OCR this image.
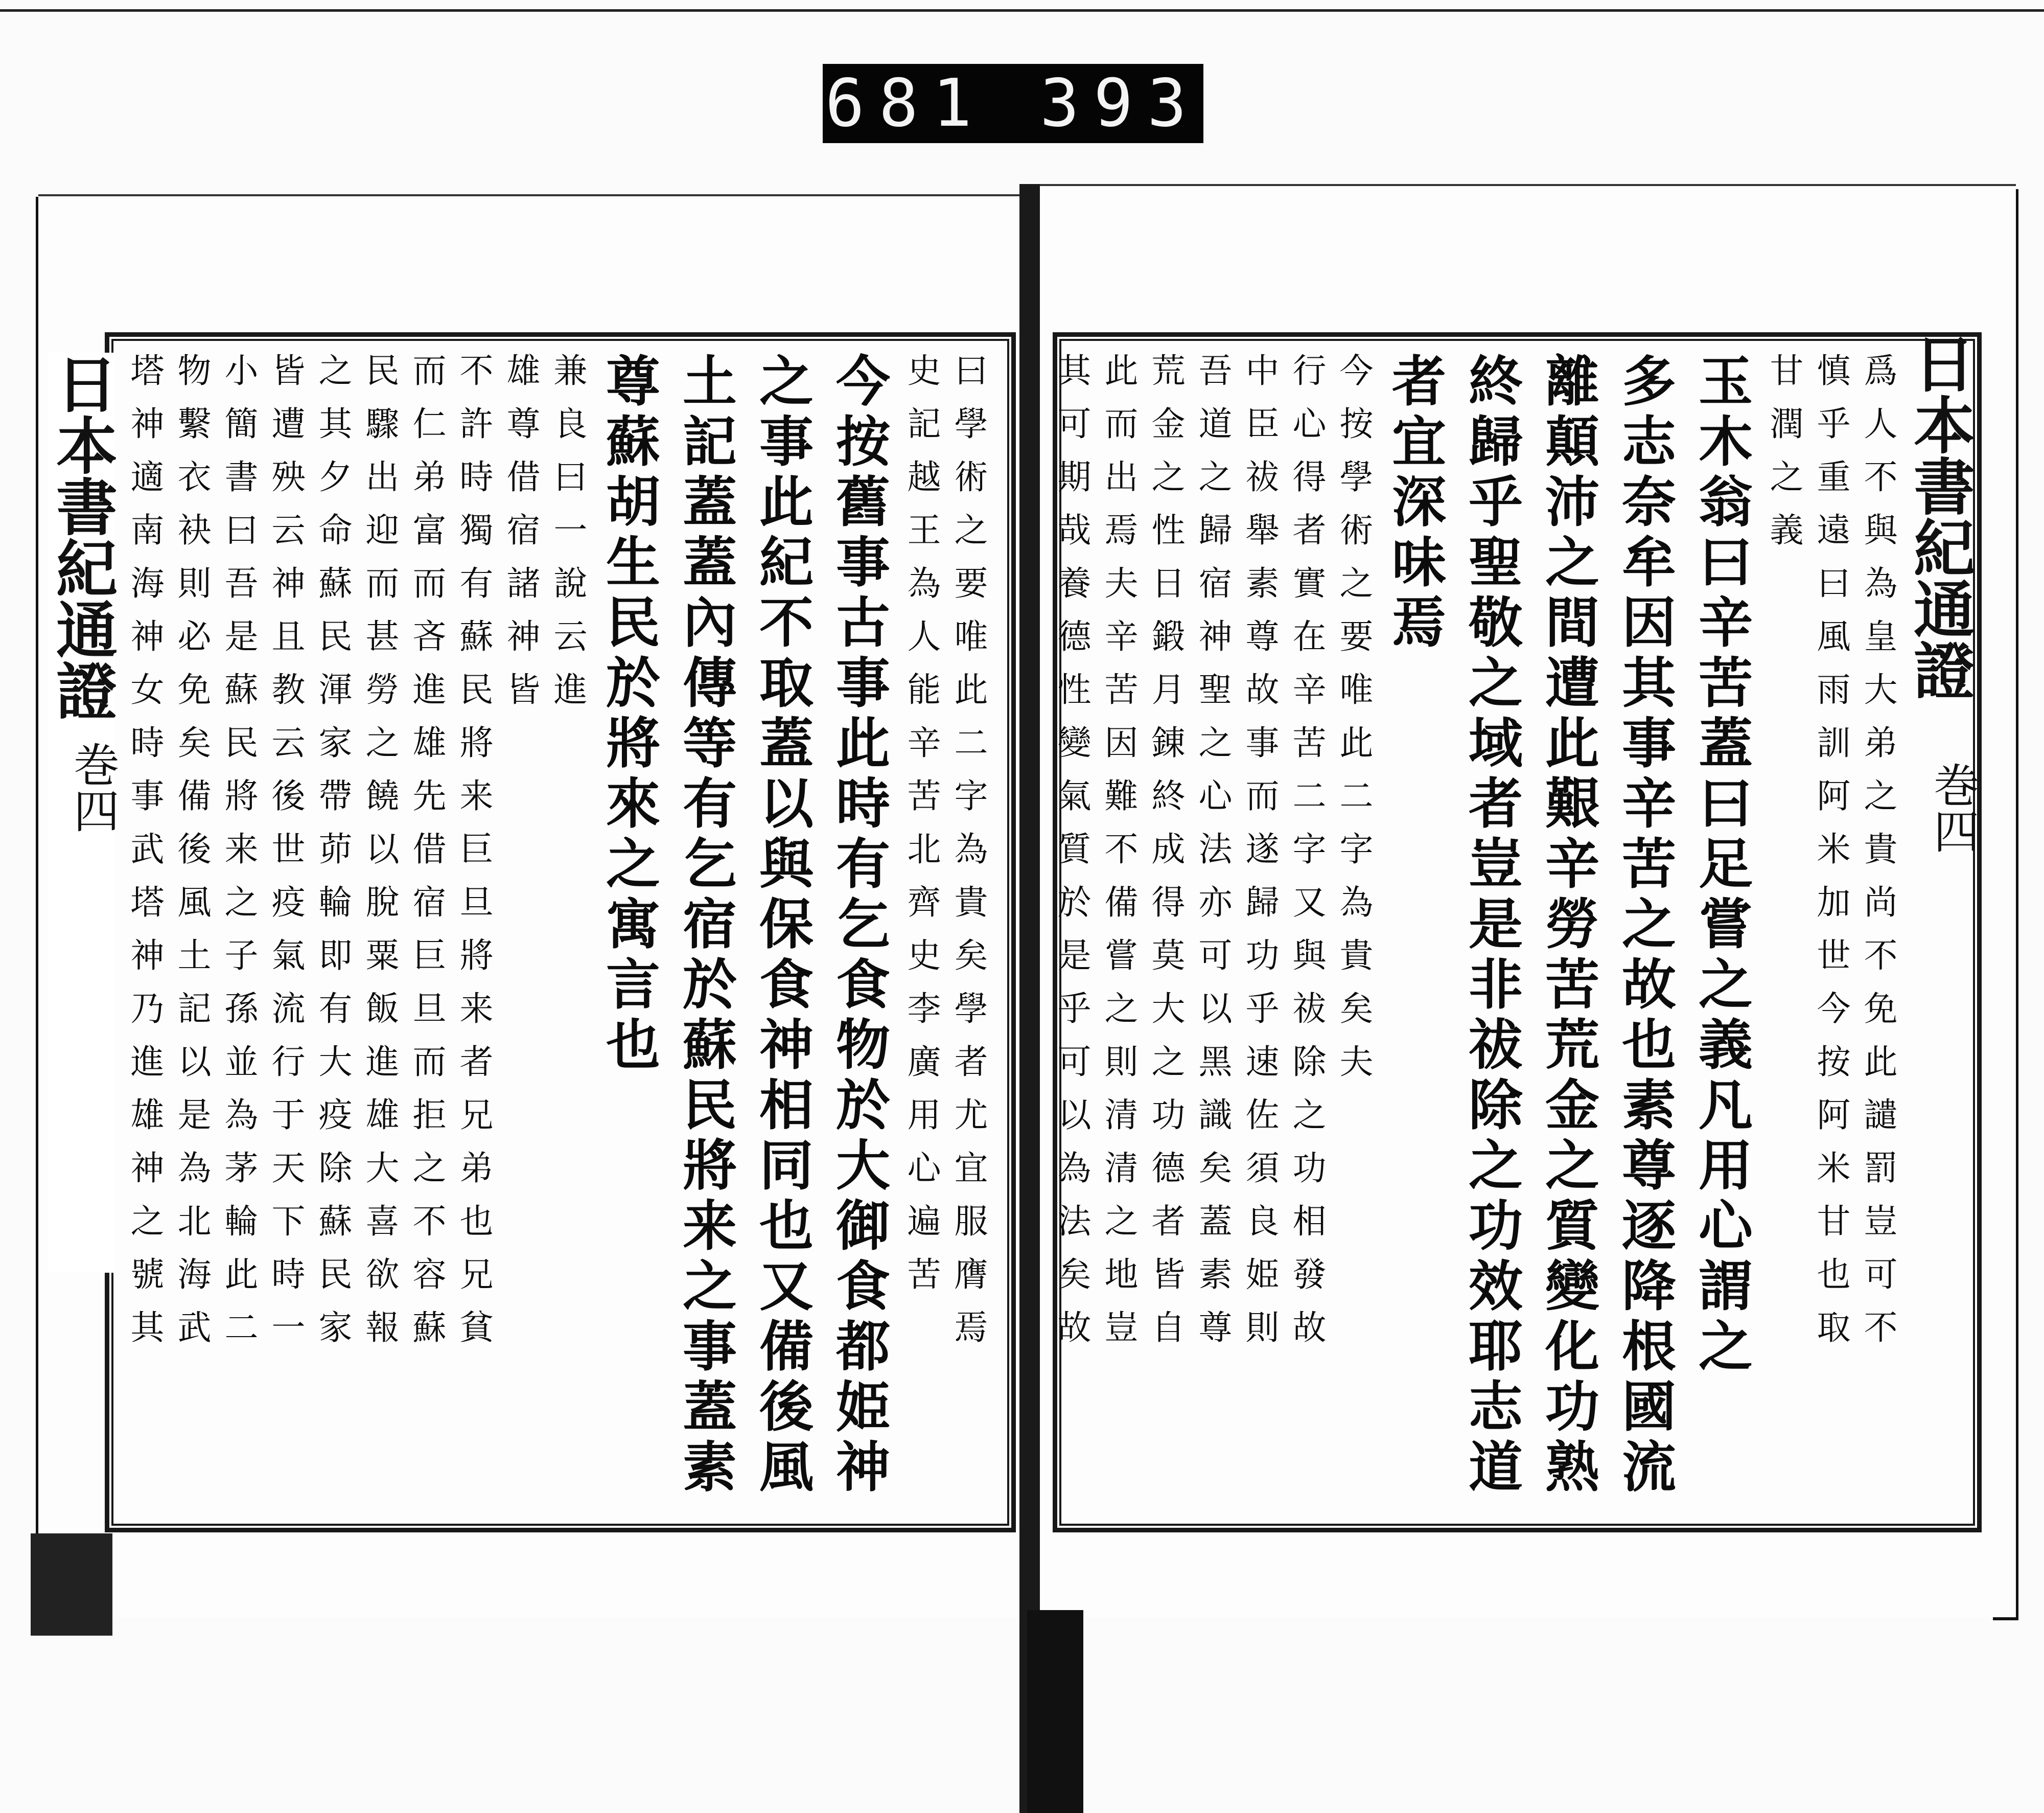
681 393
日本書紀通證
巻四	曰學術之要唯此二字為貴矣學者尤宜服膺焉

史記越王為人能辛苦北齊史李廣用心遍苦

今按舊事古事此時有乞食物於大御食都姫神

之事此紀不取蓋以與保食神相同也又備後風

土記蓋蓋內傳等有乞宿於蘇民將来之事蓋素

尊蘇胡生民於將來之寓言也

兼良曰一說云進

雄尊借宿諸神皆

不許時獨有蘇民將来巨旦將来者兄弟也兄貧

而仁弟富而吝進雄先借宿巨旦而拒之不容蘇

民驟出迎而甚勞之饒以脫粟飯進雄大喜欲報

之其夕命蘇民渾家帶茆輪即有大疫除蘇民家

皆遭殃云神且教云後世疫氣流行于天下時一

小簡書曰吾是蘇民將来之子孫並為茅輪此二

物繫衣袂則必免矣備後風土記以是為北海武

塔神適南海神女時事武塔神乃進雄神之號其	日本書紀通證
巻四

爲人不與為皇大弟之貴尚不免此譴罰豈可不

慎乎重遠曰風雨訓阿米加世今按阿米甘也取

甘潤之義

玉木翁曰辛苦蓋曰足嘗之義凡用心謂之

多志奈牟因其事辛苦之故也素尊逐降根國流

離顛沛之間遭此艱辛勞苦荒金之質變化功熟

終歸乎聖敬之域者豈是非祓除之功效耶志道

者宜深味焉

今按學術之要唯此二字為貴矣夫

行心得者實在辛苦二字又與祓除之功相發故

中臣祓舉素尊故事而遂歸功乎速佐須良姫則

吾道之歸宿神聖之心法亦可以黑識矣蓋素尊

荒金之性日鍛月錬終成得莫大之功德者皆自

此而出焉夫辛苦因難不備嘗之則清清之地豈

其可期哉養德性變氣質於是乎可以為法矣故
